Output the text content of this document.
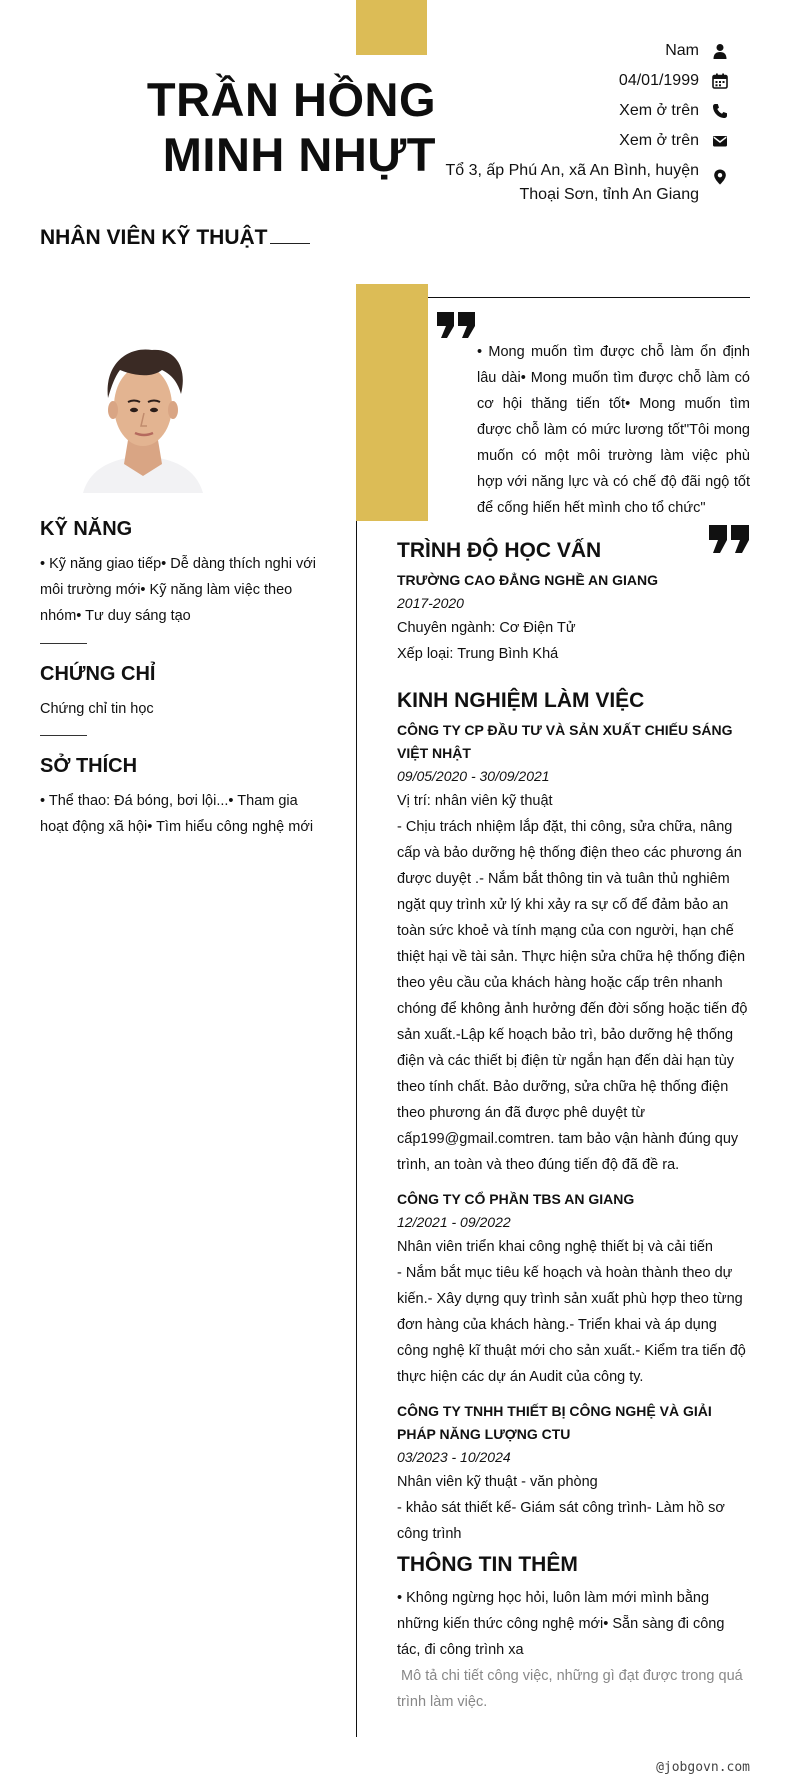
TRẦN HỒNG MINH NHỰT
NHÂN VIÊN KỸ THUẬT
Nam
04/01/1999
Xem ở trên
Xem ở trên
Tổ 3, ấp Phú An, xã An Bình, huyện
Thoại Sơn, tỉnh An Giang
• Mong muốn tìm được chỗ làm ổn định lâu dài• Mong muốn tìm được chỗ làm có cơ hội thăng tiến tốt• Mong muốn tìm được chỗ làm có mức lương tốt"Tôi mong muốn có một môi trường làm việc phù hợp với năng lực và có chế độ đãi ngộ tốt để cống hiến hết mình cho tổ chức"
KỸ NĂNG
• Kỹ năng giao tiếp• Dễ dàng thích nghi với môi trường mới• Kỹ năng làm việc theo nhóm• Tư duy sáng tạo
CHỨNG CHỈ
Chứng chỉ tin học
SỞ THÍCH
• Thể thao: Đá bóng, bơi lội...• Tham gia hoạt động xã hội• Tìm hiểu công nghệ mới
TRÌNH ĐỘ HỌC VẤN
TRƯỜNG CAO ĐẲNG NGHỀ AN GIANG
2017-2020
Chuyên ngành: Cơ Điện Tử
Xếp loại: Trung Bình Khá
KINH NGHIỆM LÀM VIỆC
CÔNG TY CP ĐẦU TƯ VÀ SẢN XUẤT CHIẾU SÁNG VIỆT NHẬT
09/05/2020 - 30/09/2021
Vị trí: nhân viên kỹ thuật
- Chịu trách nhiệm lắp đặt, thi công, sửa chữa, nâng cấp và bảo dưỡng hệ thống điện theo các phương án được duyệt .- Nắm bắt thông tin và tuân thủ nghiêm ngặt quy trình xử lý khi xảy ra sự cố để đảm bảo an toàn sức khoẻ và tính mạng của con người, hạn chế thiệt hại về tài sản. Thực hiện sửa chữa hệ thống điện theo yêu cầu của khách hàng hoặc cấp trên nhanh chóng để không ảnh hưởng đến đời sống hoặc tiến độ sản xuất.-Lập kế hoạch bảo trì, bảo dưỡng hệ thống điện và các thiết bị điện từ ngắn hạn đến dài hạn tùy theo tính chất. Bảo dưỡng, sửa chữa hệ thống điện theo phương án đã được phê duyệt từ cấp199@gmail.comtren. tam bảo vận hành đúng quy trình, an toàn và theo đúng tiến độ đã đề ra.
CÔNG TY CỔ PHẦN TBS AN GIANG
12/2021 - 09/2022
Nhân viên triển khai công nghệ thiết bị và cải tiến
- Nắm bắt mục tiêu kế hoạch và hoàn thành theo dự kiến.- Xây dựng quy trình sản xuất phù hợp theo từng đơn hàng của khách hàng.- Triển khai và áp dụng công nghệ kĩ thuật mới cho sản xuất.- Kiểm tra tiến độ thực hiện các dự án Audit của công ty.
CÔNG TY TNHH THIẾT BỊ CÔNG NGHỆ VÀ GIẢI PHÁP NĂNG LƯỢNG CTU
03/2023 - 10/2024
Nhân viên kỹ thuật - văn phòng
- khảo sát thiết kế- Giám sát công trình- Làm hồ sơ công trình
THÔNG TIN THÊM
• Không ngừng học hỏi, luôn làm mới mình bằng những kiến thức công nghệ mới• Sẵn sàng đi công tác, đi công trình xa
Mô tả chi tiết công việc, những gì đạt được trong quá trình làm việc.
@jobgovn.com
